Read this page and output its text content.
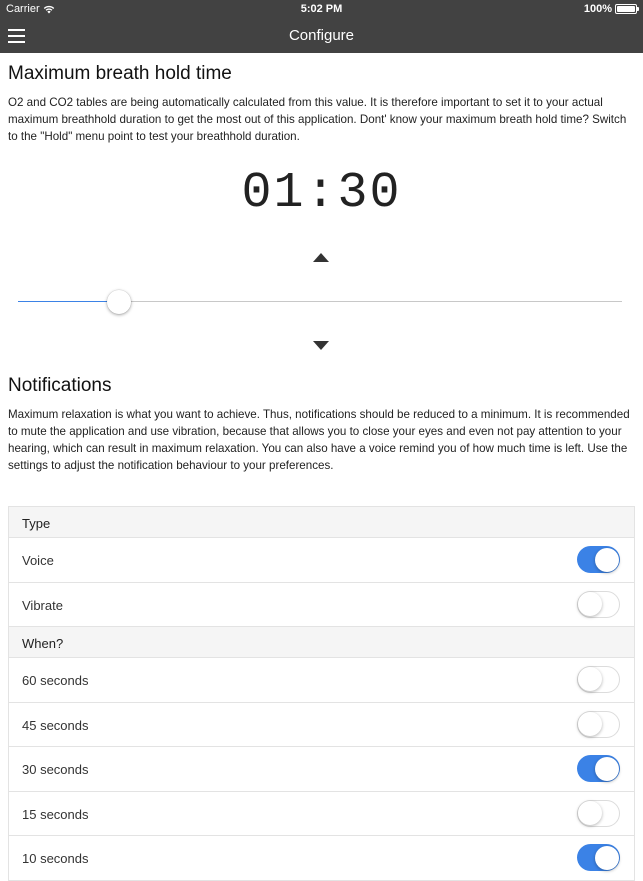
Carrier	5:02 PM	100%
Configure
Maximum breath hold time
O2 and CO2 tables are being automatically calculated from this value. It is therefore important to set it to your actual maximum breathhold duration to get the most out of this application. Dont' know your maximum breath hold time? Switch to the "Hold" menu point to test your breathhold duration.
01:30
Notifications
Maximum relaxation is what you want to achieve. Thus, notifications should be reduced to a minimum. It is recommended to mute the application and use vibration, because that allows you to close your eyes and even not pay attention to your hearing, which can result in maximum relaxation. You can also have a voice remind you of how much time is left. Use the settings to adjust the notification behaviour to your preferences.
Type
Voice
Vibrate
When?
60 seconds
45 seconds
30 seconds
15 seconds
10 seconds
